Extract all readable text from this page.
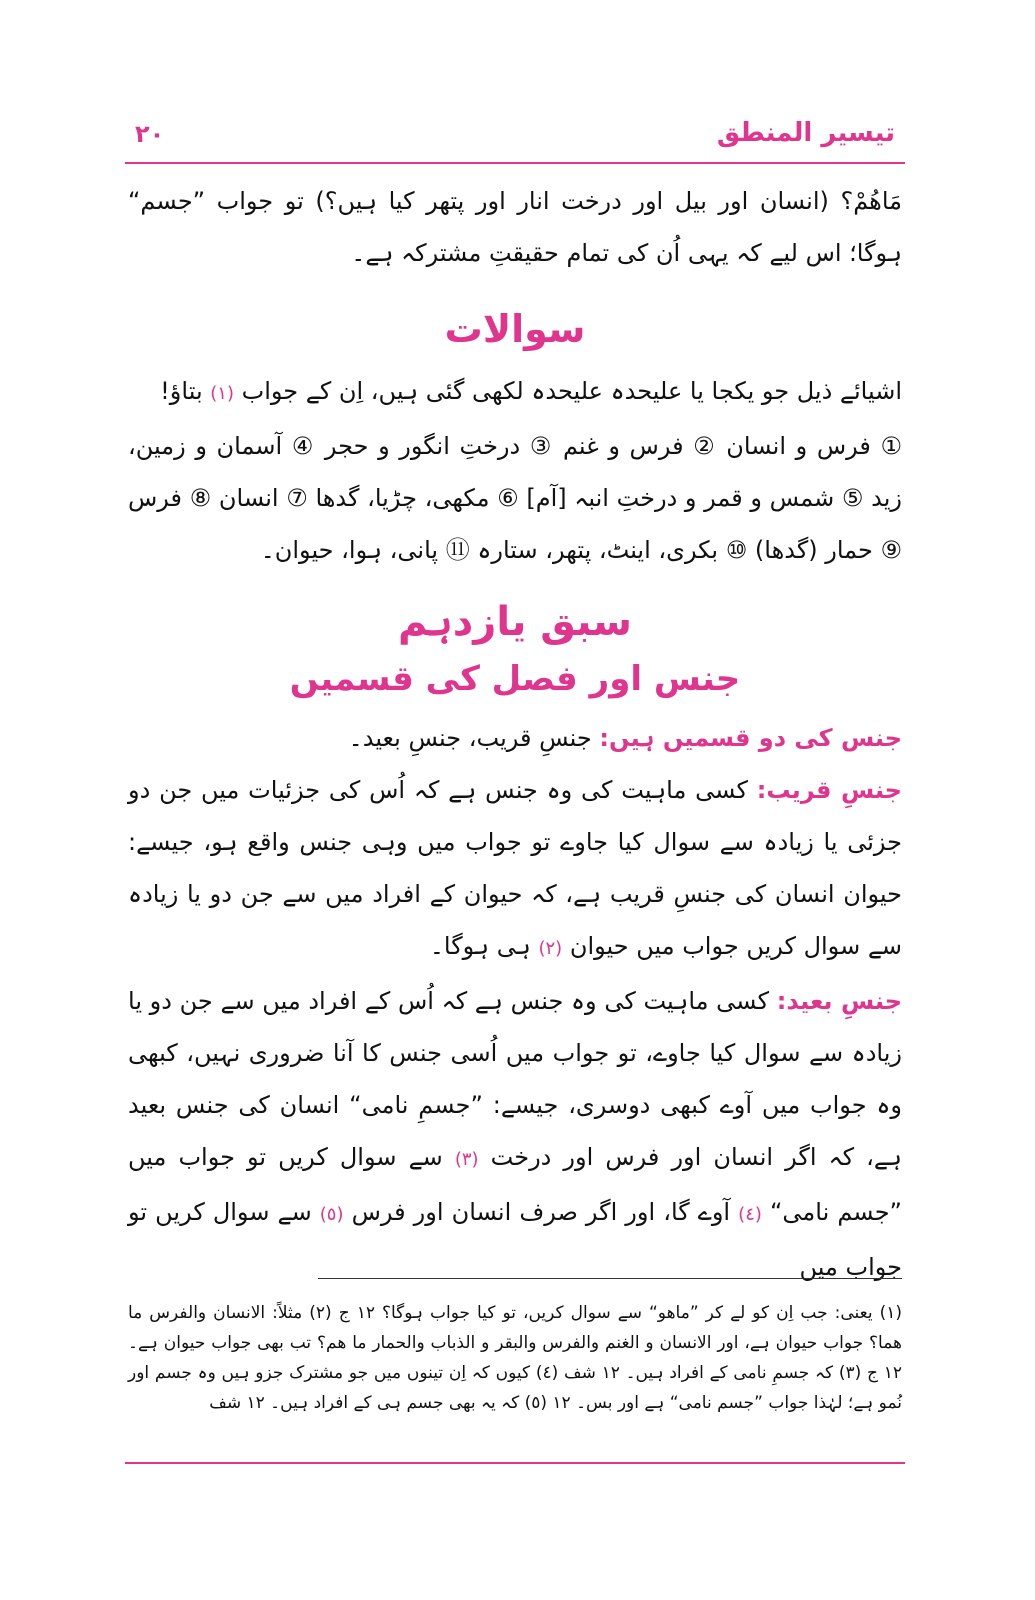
٢٠	تیسیر المنطق

مَاهُمْ؟ (انسان اور بیل اور درخت انار اور پتھر کیا ہیں؟) تو جواب ”جسم“ ہوگا؛ اس لیے کہ یہی اُن کی تمام حقیقتِ مشترکہ ہے۔

سوالات

اشیائے ذیل جو یکجا یا علیحدہ علیحدہ لکھی گئی ہیں، اِن کے جواب (١) بتاؤ!

① فرس و انسان ② فرس و غنم ③ درختِ انگور و حجر ④ آسمان و زمین، زید ⑤ شمس و قمر و درختِ انبہ [آم] ⑥ مکھی، چڑیا، گدھا ⑦ انسان ⑧ فرس ⑨ حمار (گدھا) ⑩ بکری، اینٹ، پتھر، ستارہ ⑪ پانی، ہوا، حیوان۔

سبق یازدہم
جنس اور فصل کی قسمیں

جنس کی دو قسمیں ہیں: جنسِ قریب، جنسِ بعید۔

جنسِ قریب: کسی ماہیت کی وہ جنس ہے کہ اُس کی جزئیات میں جن دو جزئی یا زیادہ سے سوال کیا جاوے تو جواب میں وہی جنس واقع ہو، جیسے: حیوان انسان کی جنسِ قریب ہے، کہ حیوان کے افراد میں سے جن دو یا زیادہ سے سوال کریں جواب میں حیوان (٢) ہی ہوگا۔

جنسِ بعید: کسی ماہیت کی وہ جنس ہے کہ اُس کے افراد میں سے جن دو یا زیادہ سے سوال کیا جاوے، تو جواب میں اُسی جنس کا آنا ضروری نہیں، کبھی وہ جواب میں آوے کبھی دوسری، جیسے: ”جسمِ نامی“ انسان کی جنس بعید ہے، کہ اگر انسان اور فرس اور درخت (٣) سے سوال کریں تو جواب میں ”جسم نامی“ (٤) آوے گا، اور اگر صرف انسان اور فرس (٥) سے سوال کریں تو جواب میں

(١) یعنی: جب اِن کو لے کر ”ماھو“ سے سوال کریں، تو کیا جواب ہوگا؟ ١٢ ج (٢) مثلاً: الانسان والفرس ما هما؟ جواب حیوان ہے، اور الانسان و الغنم والفرس والبقر و الذباب والحمار ما هم؟ تب بھی جواب حیوان ہے۔ ١٢ ج (٣) کہ جسمِ نامی کے افراد ہیں۔ ١٢ شف (٤) کیوں کہ اِن تینوں میں جو مشترک جزو ہیں وہ جسم اور نُمو ہے؛ لہٰذا جواب ”جسم نامی“ ہے اور بس۔ ١٢ (٥) کہ یہ بھی جسم ہی کے افراد ہیں۔ ١٢ شف
